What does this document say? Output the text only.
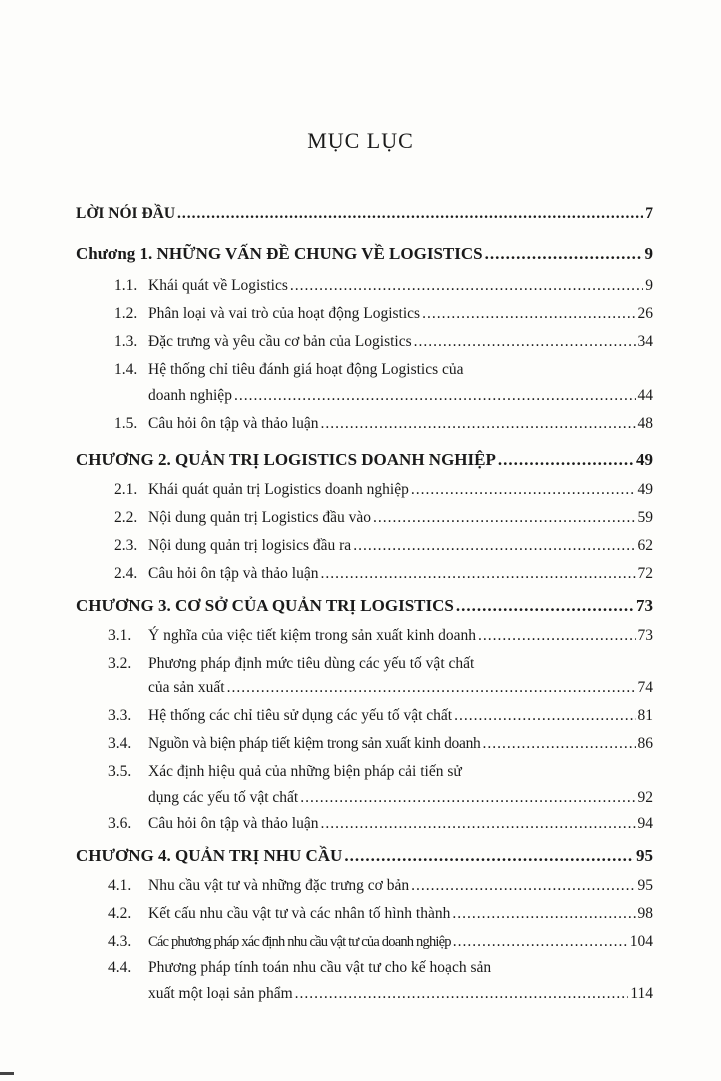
MỤC LỤC
LỜI NÓI ĐẦU .....	7
Chương 1. NHỮNG VẤN ĐỀ CHUNG VỀ LOGISTICS .....	9
1.1. Khái quát về Logistics .....	9
1.2. Phân loại và vai trò của hoạt động Logistics .....	26
1.3. Đặc trưng và yêu cầu cơ bản của Logistics .....	34
1.4. Hệ thống chỉ tiêu đánh giá hoạt động Logistics của
doanh nghiệp .....	44
1.5. Câu hỏi ôn tập và thảo luận .....	48
CHƯƠNG 2. QUẢN TRỊ LOGISTICS DOANH NGHIỆP .....	49
2.1. Khái quát quản trị Logistics doanh nghiệp .....	49
2.2. Nội dung quản trị Logistics đầu vào .....	59
2.3. Nội dung quản trị logisics đầu ra .....	62
2.4. Câu hỏi ôn tập và thảo luận .....	72
CHƯƠNG 3. CƠ SỞ CỦA QUẢN TRỊ LOGISTICS .....	73
3.1.	Ý nghĩa của việc tiết kiệm trong sản xuất kinh doanh .....	73
3.2. Phương pháp định mức tiêu dùng các yếu tố vật chất
của sản xuất .....	74
3.3.	Hệ thống các chỉ tiêu sử dụng các yếu tố vật chất .....	81
3.4.	Nguồn và biện pháp tiết kiệm trong sản xuất kinh doanh .....	86
3.5. Xác định hiệu quả của những biện pháp cải tiến sử
dụng các yếu tố vật chất .....	92
3.6.	Câu hỏi ôn tập và thảo luận .....	94
CHƯƠNG 4. QUẢN TRỊ NHU CẦU .....	95
4.1.	Nhu cầu vật tư và những đặc trưng cơ bản .....	95
4.2.	Kết cấu nhu cầu vật tư và các nhân tố hình thành .....	98
4.3.	Các phương pháp xác định nhu cầu vật tư của doanh nghiệp .....	104
4.4. Phương pháp tính toán nhu cầu vật tư cho kế hoạch sản
xuất một loại sản phẩm .....	114
